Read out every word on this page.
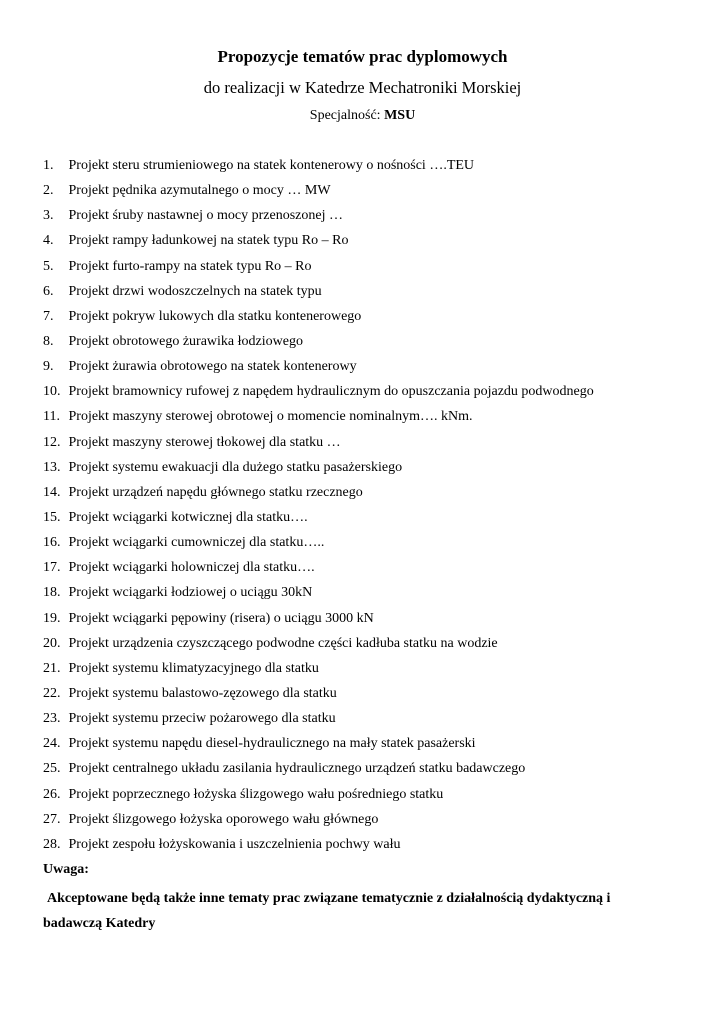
Propozycje tematów prac dyplomowych
do realizacji w Katedrze Mechatroniki Morskiej
Specjalność: MSU
1. Projekt steru strumieniowego na statek kontenerowy o nośności ….TEU
2. Projekt pędnika azymutalnego o mocy … MW
3. Projekt śruby nastawnej o mocy przenoszonej …
4. Projekt rampy ładunkowej na statek typu Ro – Ro
5. Projekt furto-rampy na statek typu Ro – Ro
6. Projekt drzwi wodoszczelnych na statek typu
7. Projekt pokryw lukowych dla statku kontenerowego
8. Projekt obrotowego żurawika łodziowego
9. Projekt żurawia obrotowego na statek kontenerowy
10. Projekt bramownicy rufowej z napędem hydraulicznym do opuszczania pojazdu podwodnego
11. Projekt maszyny sterowej obrotowej o momencie nominalnym…. kNm.
12. Projekt maszyny sterowej tłokowej dla statku …
13. Projekt systemu ewakuacji dla dużego statku pasażerskiego
14. Projekt urządzeń napędu głównego statku rzecznego
15. Projekt wciągarki kotwicznej dla statku….
16. Projekt wciągarki cumowniczej dla statku…..
17. Projekt wciągarki holowniczej dla statku….
18. Projekt wciągarki łodziowej o uciągu 30kN
19. Projekt wciągarki pępowiny (risera) o uciągu 3000 kN
20. Projekt urządzenia czyszczącego podwodne części kadłuba statku na wodzie
21. Projekt systemu klimatyzacyjnego dla statku
22. Projekt systemu balastowo-zęzowego dla statku
23. Projekt systemu przeciw pożarowego dla statku
24. Projekt systemu napędu diesel-hydraulicznego na mały statek pasażerski
25. Projekt centralnego układu zasilania hydraulicznego urządzeń statku badawczego
26. Projekt poprzecznego łożyska ślizgowego wału pośredniego statku
27. Projekt ślizgowego łożyska oporowego wału głównego
28. Projekt zespołu łożyskowania i uszczelnienia pochwy wału
Uwaga:
Akceptowane będą także inne tematy prac związane tematycznie z działalnością dydaktyczną i badawczą Katedry
